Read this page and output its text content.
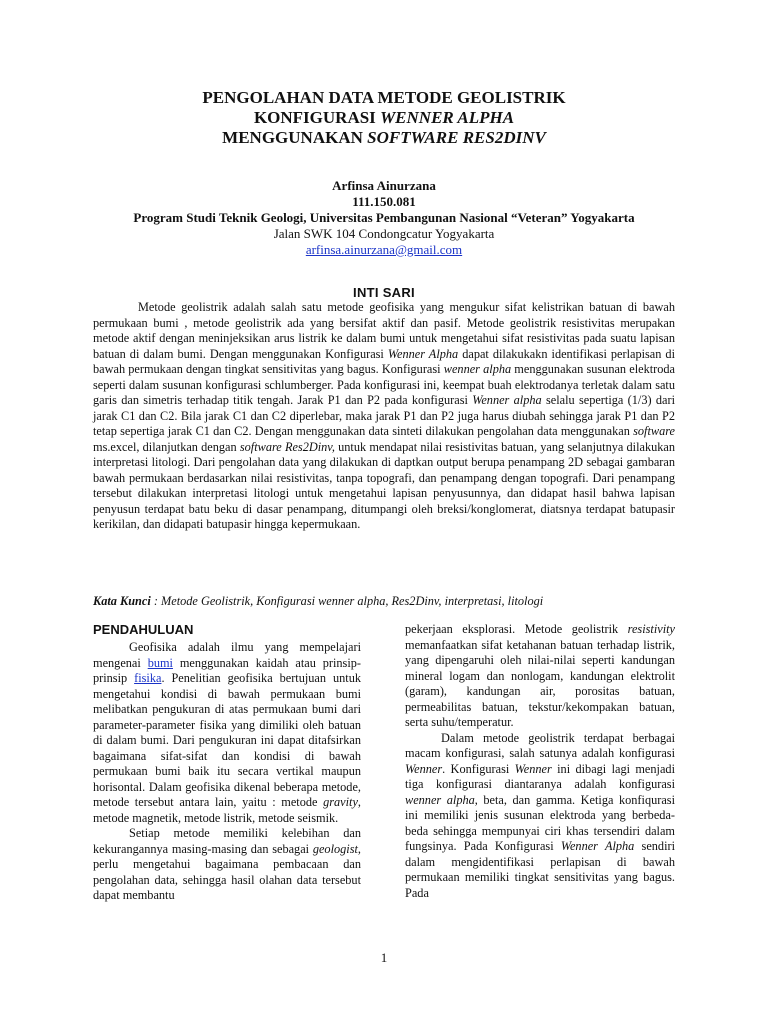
PENGOLAHAN DATA METODE GEOLISTRIK
KONFIGURASI WENNER ALPHA
MENGGUNAKAN SOFTWARE RES2DINV
Arfinsa Ainurzana
111.150.081
Program Studi Teknik Geologi, Universitas Pembangunan Nasional “Veteran” Yogyakarta
Jalan SWK 104 Condongcatur Yogyakarta
arfinsa.ainurzana@gmail.com
INTI SARI

Metode geolistrik adalah salah satu metode geofisika yang mengukur sifat kelistrikan batuan di bawah permukaan bumi , metode geolistrik ada yang bersifat aktif dan pasif. Metode geolistrik resistivitas merupakan metode aktif dengan meninjeksikan arus listrik ke dalam bumi untuk mengetahui sifat resistivitas pada suatu lapisan batuan di dalam bumi. Dengan menggunakan Konfigurasi Wenner Alpha dapat dilakukakn identifikasi perlapisan di bawah permukaan dengan tingkat sensitivitas yang bagus. Konfigurasi wenner alpha menggunakan susunan elektroda seperti dalam susunan konfigurasi schlumberger. Pada konfigurasi ini, keempat buah elektrodanya terletak dalam satu garis dan simetris terhadap titik tengah. Jarak P1 dan P2 pada konfigurasi Wenner alpha selalu sepertiga (1/3) dari jarak C1 dan C2. Bila jarak C1 dan C2 diperlebar, maka jarak P1 dan P2 juga harus diubah sehingga jarak P1 dan P2 tetap sepertiga jarak C1 dan C2. Dengan menggunakan data sinteti dilakukan pengolahan data menggunakan software ms.excel, dilanjutkan dengan software Res2Dinv, untuk mendapat nilai resistivitas batuan, yang selanjutnya dilakukan interpretasi litologi. Dari pengolahan data yang dilakukan di daptkan output berupa penampang 2D sebagai gambaran bawah permukaan berdasarkan nilai resistivitas, tanpa topografi, dan penampang dengan topografi. Dari penampang tersebut dilakukan interpretasi litologi untuk mengetahui lapisan penyusunnya, dan didapat hasil bahwa lapisan penyusun terdapat batu beku di dasar penampang, ditumpangi oleh breksi/konglomerat, diatsnya terdapat batupasir kerikilan, dan didapati batupasir hingga kepermukaan.

Kata Kunci : Metode Geolistrik, Konfigurasi wenner alpha, Res2Dinv, interpretasi, litologi
PENDAHULUAN

Geofisika adalah ilmu yang mempelajari mengenai bumi menggunakan kaidah atau prinsip-prinsip fisika. Penelitian geofisika bertujuan untuk mengetahui kondisi di bawah permukaan bumi melibatkan pengukuran di atas permukaan bumi dari parameter-parameter fisika yang dimiliki oleh batuan di dalam bumi. Dari pengukuran ini dapat ditafsirkan bagaimana sifat-sifat dan kondisi di bawah permukaan bumi baik itu secara vertikal maupun horisontal. Dalam geofisika dikenal beberapa metode, metode tersebut antara lain, yaitu : metode gravity, metode magnetik, metode listrik, metode seismik.

Setiap metode memiliki kelebihan dan kekurangannya masing-masing dan sebagai geologist, perlu mengetahui bagaimana pembacaan dan pengolahan data, sehingga hasil olahan data tersebut dapat membantu

pekerjaan eksplorasi. Metode geolistrik resistivity memanfaatkan sifat ketahanan batuan terhadap listrik, yang dipengaruhi oleh nilai-nilai seperti kandungan mineral logam dan nonlogam, kandungan elektrolit (garam), kandungan air, porositas batuan, permeabilitas batuan, tekstur/kekompakan batuan, serta suhu/temperatur.

Dalam metode geolistrik terdapat berbagai macam konfigurasi, salah satunya adalah konfigurasi Wenner. Konfigurasi Wenner ini dibagi lagi menjadi tiga konfigurasi diantaranya adalah konfigurasi wenner alpha, beta, dan gamma. Ketiga konfiqurasi ini memiliki jenis susunan elektroda yang berbeda-beda sehingga mempunyai ciri khas tersendiri dalam fungsinya. Pada Konfigurasi Wenner Alpha sendiri dalam mengidentifikasi perlapisan di bawah permukaan memiliki tingkat sensitivitas yang bagus. Pada

1
